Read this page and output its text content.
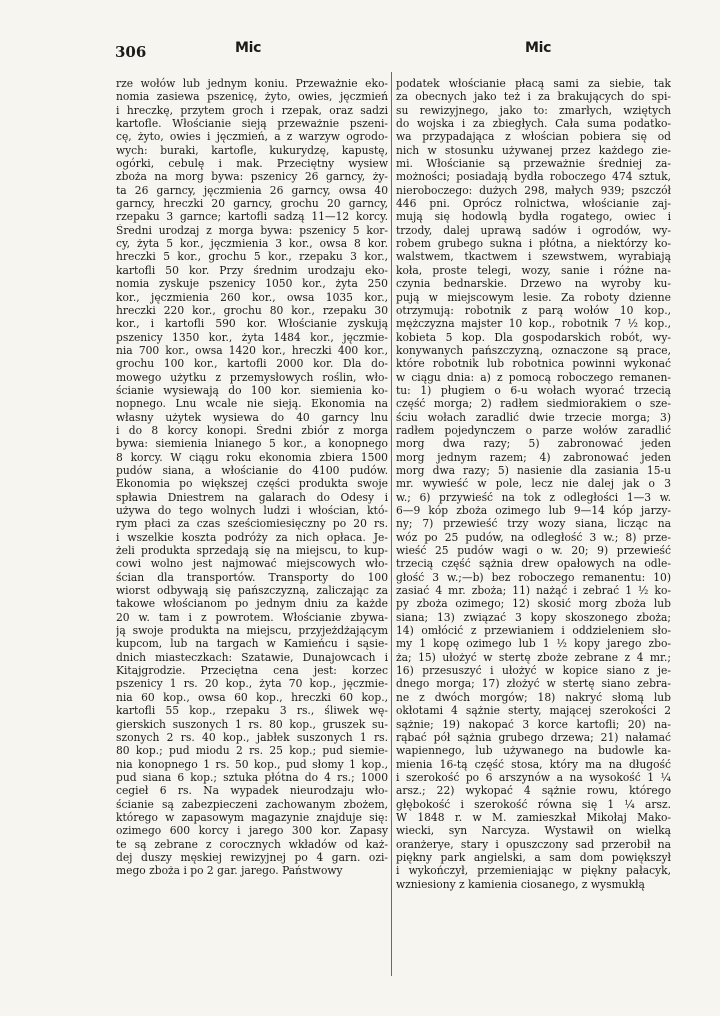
306	Mic	Mic
rze wołów lub jednym koniu. Przeważnie eko-
nomia zasiewa pszenicę, żyto, owies, jęczmień
i hreczkę, przytem groch i rzepak, oraz sadzi
kartofle. Włościanie sieją przeważnie pszeni-
cę, żyto, owies i jęczmień, a z warzyw ogrodo-
wych: buraki, kartofle, kukurydzę, kapustę,
ogórki, cebulę i mak. Przeciętny wysiew
zboża na morg bywa: pszenicy 26 garncy, ży-
ta 26 garncy, jęczmienia 26 garncy, owsa 40
garncy, hreczki 20 garncy, grochu 20 garncy,
rzepaku 3 garnce; kartofli sadzą 11—12 korcy.
Średni urodzaj z morga bywa: pszenicy 5 kor-
cy, żyta 5 kor., jęczmienia 3 kor., owsa 8 kor.
hreczki 5 kor., grochu 5 kor., rzepaku 3 kor.,
kartofli 50 kor. Przy średnim urodzaju eko-
nomia zyskuje pszenicy 1050 kor., żyta 250
kor., jęczmienia 260 kor., owsa 1035 kor.,
hreczki 220 kor., grochu 80 kor., rzepaku 30
kor., i kartofli 590 kor. Włościanie zyskują
pszenicy 1350 kor., żyta 1484 kor., jęczmie-
nia 700 kor., owsa 1420 kor., hreczki 400 kor.,
grochu 100 kor., kartofli 2000 kor. Dla do-
mowego użytku z przemysłowych roślin, wło-
ścianie wysiewają do 100 kor. siemienia ko-
nopnego. Lnu wcale nie sieją. Ekonomia na
własny użytek wysiewa do 40 garncy lnu
i do 8 korcy konopi. Średni zbiór z morga
bywa: siemienia lnianego 5 kor., a konopnego
8 korcy. W ciągu roku ekonomia zbiera 1500
pudów siana, a włościanie do 4100 pudów.
Ekonomia po większej części produkta swoje
spławia Dniestrem na galarach do Odesy i
używa do tego wolnych ludzi i włościan, któ-
rym płaci za czas sześciomiesięczny po 20 rs.
i wszelkie koszta podróży za nich opłaca. Je-
żeli produkta sprzedają się na miejscu, to kup-
cowi wolno jest najmować miejscowych wło-
ścian dla transportów. Transporty do 100
wiorst odbywają się pańszczyzną, zaliczając za
takowe włościanom po jednym dniu za każde
20 w. tam i z powrotem. Włościanie zbywa-
ją swoje produkta na miejscu, przyjeżdżającym
kupcom, lub na targach w Kamieńcu i sąsie-
dnich miasteczkach: Szatawie, Dunajowcach i
Kitajgrodzie. Przeciętna cena jest: korzec
pszenicy 1 rs. 20 kop., żyta 70 kop., jęczmie-
nia 60 kop., owsa 60 kop., hreczki 60 kop.,
kartofli 55 kop., rzepaku 3 rs., śliwek wę-
gierskich suszonych 1 rs. 80 kop., gruszek su-
szonych 2 rs. 40 kop., jabłek suszonych 1 rs.
80 kop.; pud miodu 2 rs. 25 kop.; pud siemie-
nia konopnego 1 rs. 50 kop., pud słomy 1 kop.,
pud siana 6 kop.; sztuka płótna do 4 rs.; 1000
cegieł 6 rs. Na wypadek nieurodzaju wło-
ścianie są zabezpieczeni zachowanym zbożem,
którego w zapasowym magazynie znajduje się:
ozimego 600 korcy i jarego 300 kor. Zapasy
te są zebrane z corocznych wkładów od każ-
dej duszy męskiej rewizyjnej po 4 garn. ozi-
mego zboża i po 2 gar. jarego. Państwowy
podatek włościanie płacą sami za siebie, tak
za obecnych jako też i za brakujących do spi-
su rewizyjnego, jako to: zmarłych, wziętych
do wojska i za zbiegłych. Cała suma podatko-
wa przypadająca z włościan pobiera się od
nich w stosunku używanej przez każdego zie-
mi. Włościanie są przeważnie średniej za-
możności; posiadają bydła roboczego 474 sztuk,
nieroboczego: dużych 298, małych 939; pszczół
446 pni. Oprócz rolnictwa, włościanie zaj-
mują się hodowlą bydła rogatego, owiec i
trzody, dalej uprawą sadów i ogrodów, wy-
robem grubego sukna i płótna, a niektórzy ko-
walstwem, tkactwem i szewstwem, wyrabiają
koła, proste telegi, wozy, sanie i różne na-
czynia bednarskie. Drzewo na wyroby ku-
pują w miejscowym lesie. Za roboty dzienne
otrzymują: robotnik z parą wołów 10 kop.,
mężczyzna majster 10 kop., robotnik 7 ½ kop.,
kobieta 5 kop. Dla gospodarskich robót, wy-
konywanych pańszczyzną, oznaczone są prace,
które robotnik lub robotnica powinni wykonać
w ciągu dnia: a) z pomocą roboczego remanen-
tu: 1) pługiem o 6-u wołach wyorać trzecią
część morga; 2) radłem siedmiorakiem o sze-
ściu wołach zaradlić dwie trzecie morga; 3)
radłem pojedynczem o parze wołów zaradlić
morg dwa razy; 5) zabronować jeden
morg jednym razem; 4) zabronować jeden
morg dwa razy; 5) nasienie dla zasiania 15-u
mr. wywieść w pole, lecz nie dalej jak o 3
w.; 6) przywieść na tok z odległości 1—3 w.
6—9 kóp zboża ozimego lub 9—14 kóp jarzy-
ny; 7) przewieść trzy wozy siana, licząc na
wóz po 25 pudów, na odległość 3 w.; 8) prze-
wieść 25 pudów wagi o w. 20; 9) przewieść
trzecią część sążnia drew opałowych na odle-
głość 3 w.;—b) bez roboczego remanentu: 10)
zasiać 4 mr. zboża; 11) nażąć i zebrać 1 ½ ko-
py zboża ozimego; 12) skosić morg zboża lub
siana; 13) związać 3 kopy skoszonego zboża;
14) omłócić z przewianiem i oddzieleniem sło-
my 1 kopę ozimego lub 1 ½ kopy jarego zbo-
ża; 15) ułożyć w stertę zboże zebrane z 4 mr.;
16) przesuszyć i ułożyć w kopice siano z je-
dnego morga; 17) złożyć w stertę siano zebra-
ne z dwóch morgów; 18) nakryć słomą lub
okłotami 4 sążnie sterty, mającej szerokości 2
sążnie; 19) nakopać 3 korce kartofli; 20) na-
rąbać pół sążnia grubego drzewa; 21) nałamać
wapiennego, lub używanego na budowle ka-
mienia 16-tą część stosa, który ma na długość
i szerokość po 6 arszynów a na wysokość 1 ¼
arsz.; 22) wykopać 4 sążnie rowu, którego
głębokość i szerokość równa się 1 ¼ arsz.
W 1848 r. w M. zamieszkał Mikołaj Mako-
wiecki, syn Narcyza. Wystawił on wielką
oranżerye, stary i opuszczony sad przerobił na
piękny park angielski, a sam dom powiększył
i wykończył, przemieniając w piękny pałacyk,
wzniesiony z kamienia ciosanego, z wysmukłą
